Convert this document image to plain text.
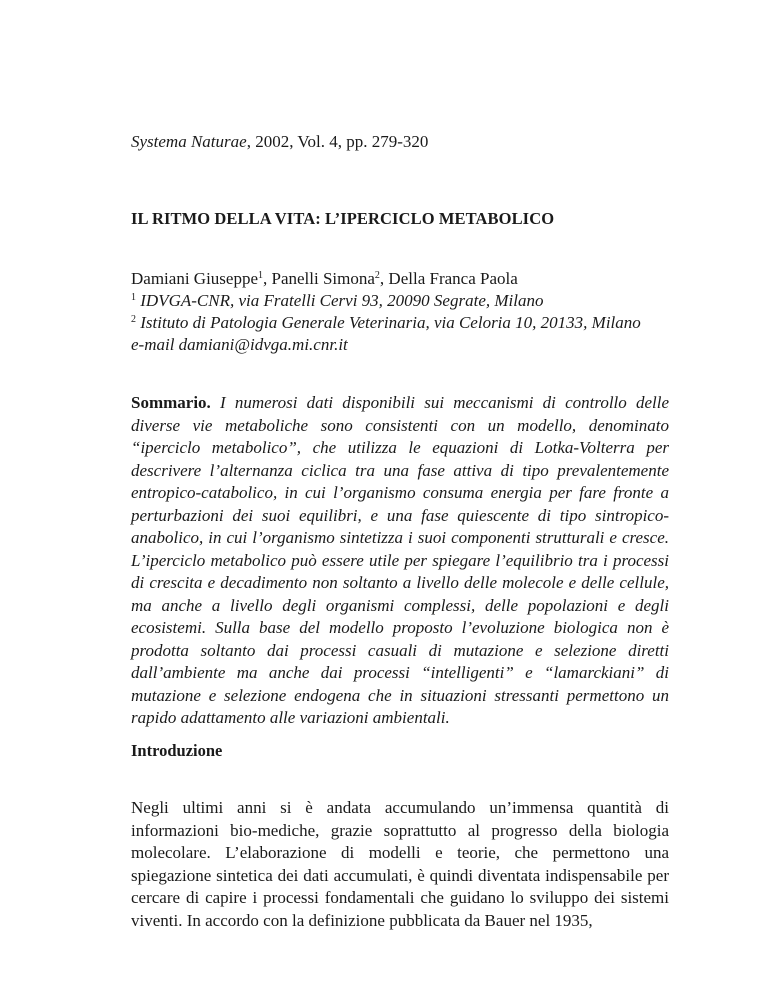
Systema Naturae, 2002, Vol. 4, pp. 279-320
IL RITMO DELLA VITA: L’IPERCICLO METABOLICO
Damiani Giuseppe$^1$, Panelli Simona$^2$, Della Franca Paola
$^1$ IDVGA-CNR, via Fratelli Cervi 93, 20090 Segrate, Milano
$^2$ Istituto di Patologia Generale Veterinaria, via Celoria 10, 20133, Milano
e-mail damiani@idvga.mi.cnr.it
Sommario. I numerosi dati disponibili sui meccanismi di controllo delle diverse vie metaboliche sono consistenti con un modello, denominato “iperciclo metabolico”, che utilizza le equazioni di Lotka-Volterra per descrivere l’alternanza ciclica tra una fase attiva di tipo prevalentemente entropico-catabolico, in cui l’organismo consuma energia per fare fronte a perturbazioni dei suoi equilibri, e una fase quiescente di tipo sintropico-anabolico, in cui l’organismo sintetizza i suoi componenti strutturali e cresce. L’iperciclo metabolico può essere utile per spiegare l’equilibrio tra i processi di crescita e decadimento non soltanto a livello delle molecole e delle cellule, ma anche a livello degli organismi complessi, delle popolazioni e degli ecosistemi. Sulla base del modello proposto l’evoluzione biologica non è prodotta soltanto dai processi casuali di mutazione e selezione diretti dall’ambiente ma anche dai processi “intelligenti” e “lamarckiani” di mutazione e selezione endogena che in situazioni stressanti permettono un rapido adattamento alle variazioni ambientali.
Introduzione
Negli ultimi anni si è andata accumulando un’immensa quantità di informazioni bio-mediche, grazie soprattutto al progresso della biologia molecolare. L’elaborazione di modelli e teorie, che permettono una spiegazione sintetica dei dati accumulati, è quindi diventata indispensabile per cercare di capire i processi fondamentali che guidano lo sviluppo dei sistemi viventi. In accordo con la definizione pubblicata da Bauer nel 1935,
